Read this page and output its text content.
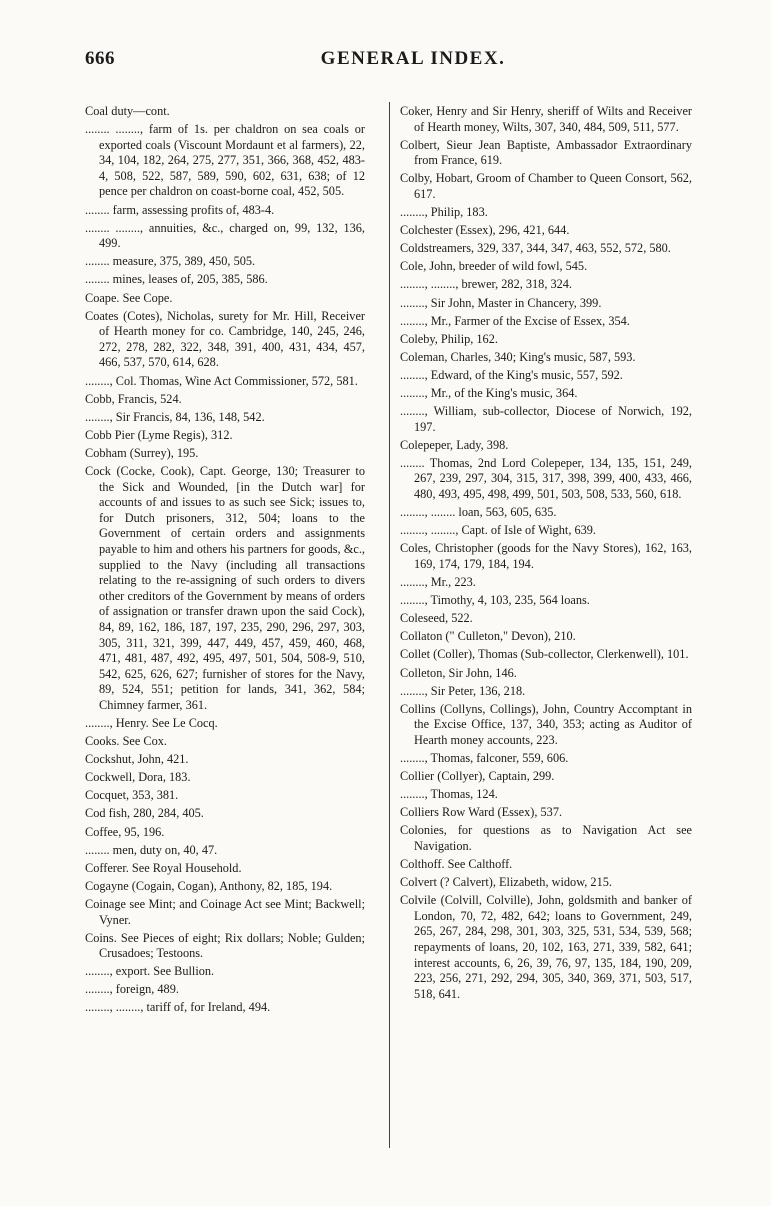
666	GENERAL INDEX.

Coal duty—cont.

........ ........, farm of 1s. per chaldron on sea coals or exported coals (Viscount Mordaunt et al farmers), 22, 34, 104, 182, 264, 275, 277, 351, 366, 368, 452, 483-4, 508, 522, 587, 589, 590, 602, 631, 638; of 12 pence per chaldron on coast-borne coal, 452, 505.

........ farm, assessing profits of, 483-4.

........ ........, annuities, &c., charged on, 99, 132, 136, 499.

........ measure, 375, 389, 450, 505.

........ mines, leases of, 205, 385, 586.

Coape. See Cope.

Coates (Cotes), Nicholas, surety for Mr. Hill, Receiver of Hearth money for co. Cambridge, 140, 245, 246, 272, 278, 282, 322, 348, 391, 400, 431, 434, 457, 466, 537, 570, 614, 628.

........, Col. Thomas, Wine Act Commissioner, 572, 581.

Cobb, Francis, 524.

........, Sir Francis, 84, 136, 148, 542.

Cobb Pier (Lyme Regis), 312.

Cobham (Surrey), 195.

Cock (Cocke, Cook), Capt. George, 130; Treasurer to the Sick and Wounded, [in the Dutch war] for accounts of and issues to as such see Sick; issues to, for Dutch prisoners, 312, 504; loans to the Government of certain orders and assignments payable to him and others his partners for goods, &c., supplied to the Navy (including all transactions relating to the re-assigning of such orders to divers other creditors of the Government by means of orders of assignation or transfer drawn upon the said Cock), 84, 89, 162, 186, 187, 197, 235, 290, 296, 297, 303, 305, 311, 321, 399, 447, 449, 457, 459, 460, 468, 471, 481, 487, 492, 495, 497, 501, 504, 508-9, 510, 542, 625, 626, 627; furnisher of stores for the Navy, 89, 524, 551; petition for lands, 341, 362, 584; Chimney farmer, 361.

........, Henry. See Le Cocq.

Cooks. See Cox.

Cockshut, John, 421.

Cockwell, Dora, 183.

Cocquet, 353, 381.

Cod fish, 280, 284, 405.

Coffee, 95, 196.

........ men, duty on, 40, 47.

Cofferer. See Royal Household.

Cogayne (Cogain, Cogan), Anthony, 82, 185, 194.

Coinage see Mint; and Coinage Act see Mint; Backwell; Vyner.

Coins. See Pieces of eight; Rix dollars; Noble; Gulden; Crusadoes; Testoons.

........, export. See Bullion.

........, foreign, 489.

........, ........, tariff of, for Ireland, 494.

Coker, Henry and Sir Henry, sheriff of Wilts and Receiver of Hearth money, Wilts, 307, 340, 484, 509, 511, 577.

Colbert, Sieur Jean Baptiste, Ambassador Extraordinary from France, 619.

Colby, Hobart, Groom of Chamber to Queen Consort, 562, 617.

........, Philip, 183.

Colchester (Essex), 296, 421, 644.

Coldstreamers, 329, 337, 344, 347, 463, 552, 572, 580.

Cole, John, breeder of wild fowl, 545.

........, ........, brewer, 282, 318, 324.

........, Sir John, Master in Chancery, 399.

........, Mr., Farmer of the Excise of Essex, 354.

Coleby, Philip, 162.

Coleman, Charles, 340; King's music, 587, 593.

........, Edward, of the King's music, 557, 592.

........, Mr., of the King's music, 364.

........, William, sub-collector, Diocese of Norwich, 192, 197.

Colepeper, Lady, 398.

........ Thomas, 2nd Lord Colepeper, 134, 135, 151, 249, 267, 239, 297, 304, 315, 317, 398, 399, 400, 433, 466, 480, 493, 495, 498, 499, 501, 503, 508, 533, 560, 618.

........, ........ loan, 563, 605, 635.

........, ........, Capt. of Isle of Wight, 639.

Coles, Christopher (goods for the Navy Stores), 162, 163, 169, 174, 179, 184, 194.

........, Mr., 223.

........, Timothy, 4, 103, 235, 564 loans.

Coleseed, 522.

Collaton (" Culleton," Devon), 210.

Collet (Coller), Thomas (Sub-collector, Clerkenwell), 101.

Colleton, Sir John, 146.

........, Sir Peter, 136, 218.

Collins (Collyns, Collings), John, Country Accomptant in the Excise Office, 137, 340, 353; acting as Auditor of Hearth money accounts, 223.

........, Thomas, falconer, 559, 606.

Collier (Collyer), Captain, 299.

........, Thomas, 124.

Colliers Row Ward (Essex), 537.

Colonies, for questions as to Navigation Act see Navigation.

Colthoff. See Calthoff.

Colvert (? Calvert), Elizabeth, widow, 215.

Colvile (Colvill, Colville), John, goldsmith and banker of London, 70, 72, 482, 642; loans to Government, 249, 265, 267, 284, 298, 301, 303, 325, 531, 534, 539, 568; repayments of loans, 20, 102, 163, 271, 339, 582, 641; interest accounts, 6, 26, 39, 76, 97, 135, 184, 190, 209, 223, 256, 271, 292, 294, 305, 340, 369, 371, 503, 517, 518, 641.
